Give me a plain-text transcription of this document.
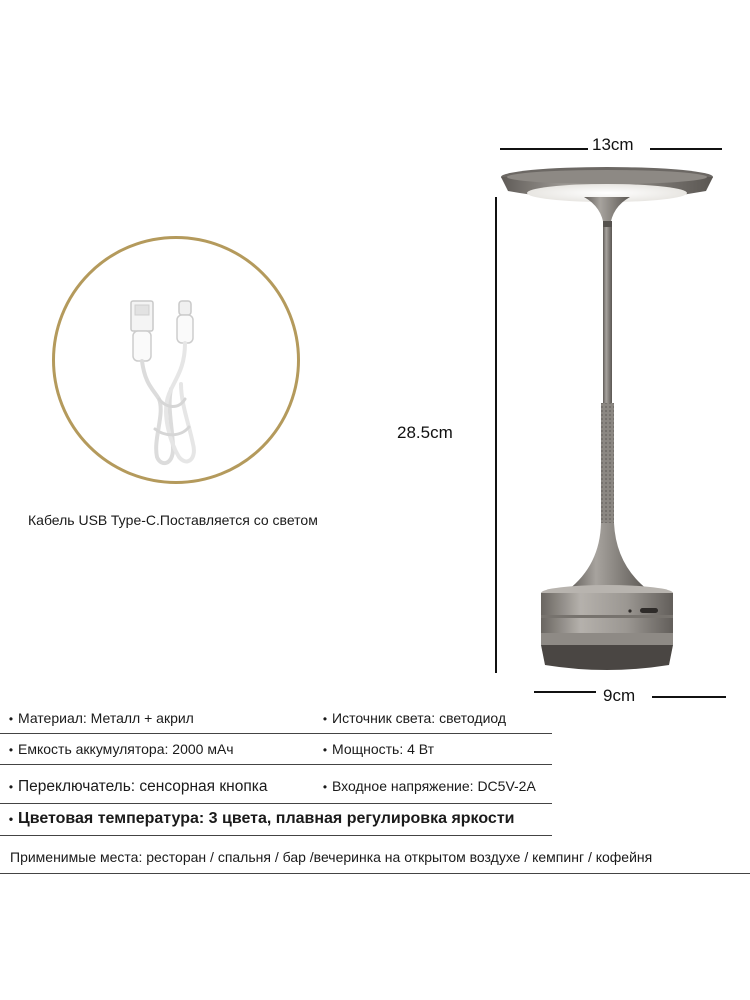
Кабель USB Type-C.Поставляется со светом
13cm
28.5cm
9cm
• Материал: Металл + акрил	• Источник света: светодиод
• Емкость аккумулятора: 2000 мАч	• Мощность: 4 Вт
• Переключатель: сенсорная кнопка	• Входное напряжение: DC5V-2A
• Цветовая температура: 3 цвета, плавная регулировка яркости
Применимые места: ресторан / спальня / бар /вечеринка на открытом воздухе / кемпинг / кофейня
